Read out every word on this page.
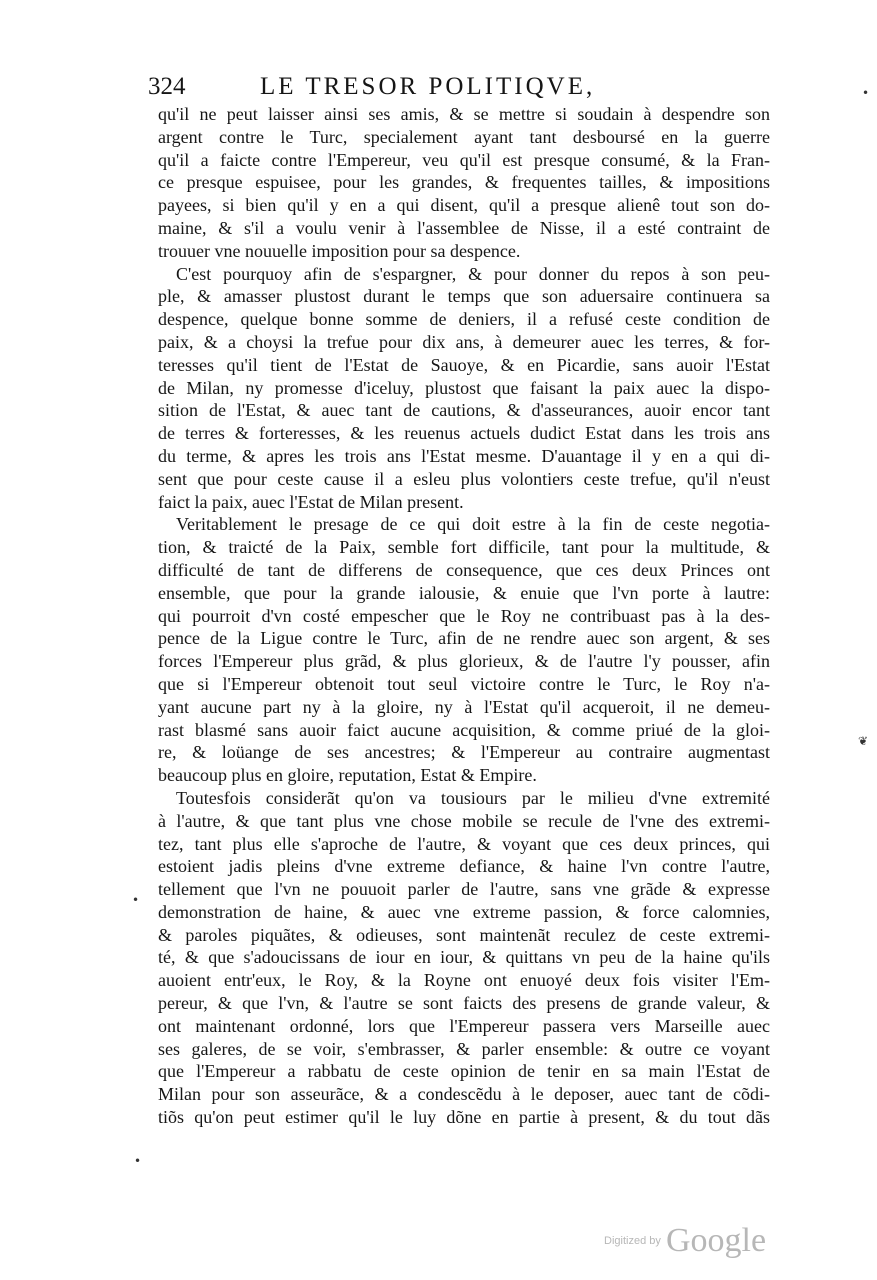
324	LE TRESOR POLITIQVE,
qu'il ne peut laisser ainsi ses amis, & se mettre si soudain à despendre son
argent contre le Turc, specialement ayant tant desboursé en la guerre
qu'il a faicte contre l'Empereur, veu qu'il est presque consumé, & la Fran-
ce presque espuisee, pour les grandes, & frequentes tailles, & impositions
payees, si bien qu'il y en a qui disent, qu'il a presque alienê tout son do-
maine, & s'il a voulu venir à l'assemblee de Nisse, il a esté contraint de
trouuer vne nouuelle imposition pour sa despence.
C'est pourquoy afin de s'espargner, & pour donner du repos à son peu-
ple, & amasser plustost durant le temps que son aduersaire continuera sa
despence, quelque bonne somme de deniers, il a refusé ceste condition de
paix, & a choysi la trefue pour dix ans, à demeurer auec les terres, & for-
teresses qu'il tient de l'Estat de Sauoye, & en Picardie, sans auoir l'Estat
de Milan, ny promesse d'iceluy, plustost que faisant la paix auec la dispo-
sition de l'Estat, & auec tant de cautions, & d'asseurances, auoir encor tant
de terres & forteresses, & les reuenus actuels dudict Estat dans les trois ans
du terme, & apres les trois ans l'Estat mesme. D'auantage il y en a qui di-
sent que pour ceste cause il a esleu plus volontiers ceste trefue, qu'il n'eust
faict la paix, auec l'Estat de Milan present.
Veritablement le presage de ce qui doit estre à la fin de ceste negotia-
tion, & traicté de la Paix, semble fort difficile, tant pour la multitude, &
difficulté de tant de differens de consequence, que ces deux Princes ont
ensemble, que pour la grande ialousie, & enuie que l'vn porte à lautre:
qui pourroit d'vn costé empescher que le Roy ne contribuast pas à la des-
pence de la Ligue contre le Turc, afin de ne rendre auec son argent, & ses
forces l'Empereur plus grãd, & plus glorieux, & de l'autre l'y pousser, afin
que si l'Empereur obtenoit tout seul victoire contre le Turc, le Roy n'a-
yant aucune part ny à la gloire, ny à l'Estat qu'il acqueroit, il ne demeu-
rast blasmé sans auoir faict aucune acquisition, & comme priué de la gloi-
re, & loüange de ses ancestres; & l'Empereur au contraire augmentast
beaucoup plus en gloire, reputation, Estat & Empire.
Toutesfois considerãt qu'on va tousiours par le milieu d'vne extremité
à l'autre, & que tant plus vne chose mobile se recule de l'vne des extremi-
tez, tant plus elle s'aproche de l'autre, & voyant que ces deux princes, qui
estoient jadis pleins d'vne extreme defiance, & haine l'vn contre l'autre,
tellement que l'vn ne pouuoit parler de l'autre, sans vne grãde & expresse
demonstration de haine, & auec vne extreme passion, & force calomnies,
& paroles piquãtes, & odieuses, sont maintenãt reculez de ceste extremi-
té, & que s'adoucissans de iour en iour, & quittans vn peu de la haine qu'ils
auoient entr'eux, le Roy, & la Royne ont enuoyé deux fois visiter l'Em-
pereur, & que l'vn, & l'autre se sont faicts des presens de grande valeur, &
ont maintenant ordonné, lors que l'Empereur passera vers Marseille auec
ses galeres, de se voir, s'embrasser, & parler ensemble: & outre ce voyant
que l'Empereur a rabbatu de ceste opinion de tenir en sa main l'Estat de
Milan pour son asseurãce, & a condescẽdu à le deposer, auec tant de cõdi-
tiõs qu'on peut estimer qu'il le luy dõne en partie à present, & du tout dãs
•
❦
•
•
Digitized by Google
